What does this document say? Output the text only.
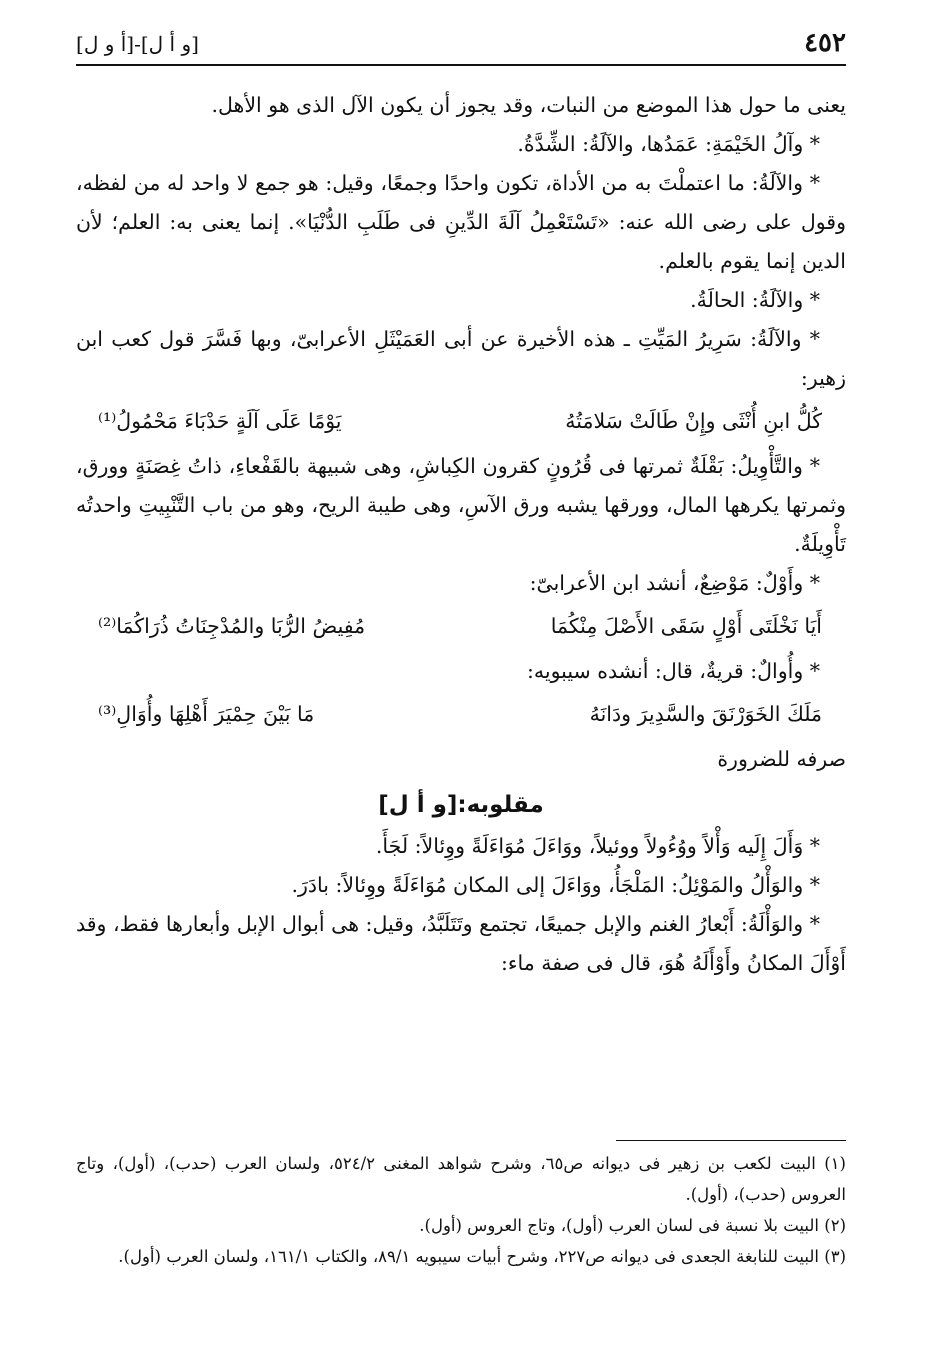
٤٥٢
[أ و ل]-[و أ ل]

يعنى ما حول هذا الموضع من النبات، وقد يجوز أن يكون الآل الذى هو الأهل.

* وآلُ الخَيْمَةِ: عَمَدُها، والآلَةُ: الشِّدَّةُ.

* والآلَةُ: ما اعتملْتَ به من الأداة، تكون واحدًا وجمعًا، وقيل: هو جمع لا واحد له من لفظه، وقول على رضى الله عنه: «تَسْتَعْمِلُ آلَةَ الدِّينِ فى طَلَبِ الدُّنْيَا». إنما يعنى به: العلم؛ لأن الدين إنما يقوم بالعلم.

* والآلَةُ: الحالَةُ.

* والآلَةُ: سَرِيرُ المَيِّتِ ـ هذه الأخيرة عن أبى العَمَيْثَلِ الأعرابىّ، وبها فَسَّرَ قول كعب ابن زهير:

كُلُّ ابنِ أُنْثَى وإِنْ طَالَتْ سَلامَتُهُ
يَوْمًا عَلَى آلَةٍ حَدْبَاءَ مَحْمُولُ⁽¹⁾

* والتَّأْوِيلُ: بَقْلَةٌ ثمرتها فى قُرُونٍ كقرون الكِباشِ، وهى شبيهة بالقَفْعاءِ، ذاتُ غِصَنَةٍ وورق، وثمرتها يكرهها المال، وورقها يشبه ورق الآسِ، وهى طيبة الريح، وهو من باب التَّنْبِيتِ واحدتُه تَأْوِيلَةٌ.

* وأَوْلٌ: مَوْضِعٌ، أنشد ابن الأعرابىّ:

أَيَا نَخْلَتَى أَوْلٍ سَقَى الأَصْلَ مِنْكُمَا
مُفِيضُ الرُّبَا والمُدْجِنَاتُ ذُرَاكُمَا⁽²⁾

* وأُوالٌ: قريةٌ، قال: أنشده سيبويه:

مَلَكَ الخَوَرْنَقَ والسَّدِيرَ ودَانَهُ
مَا بَيْنَ حِمْيَرَ أَهْلِهَا وأُوَالِ⁽³⁾

صرفه للضرورة

مقلوبه:[و أ ل]

* وَأَلَ إِلَيه وَأْلاً ووُءُولاً ووئيلاً، ووَاءَلَ مُوَاءَلَةً ووِئالاً: لَجَأَ.

* والوَأْلُ والمَوْئِلُ: المَلْجَأُ، ووَاءَلَ إلى المكان مُوَاءَلَةً ووِئالاً: بادَرَ.

* والوَأْلَةُ: أَبْعارُ الغنم والإبل جميعًا، تجتمع وتَتَلَبَّدُ، وقيل: هى أبوال الإبل وأبعارها فقط، وقد أَوْأَلَ المكانُ وأَوْأَلَهُ هُوَ، قال فى صفة ماء:

(١) البيت لكعب بن زهير فى ديوانه ص٦٥، وشرح شواهد المغنى ٥٢٤/٢، ولسان العرب (حدب)، (أول)، وتاج العروس (حدب)، (أول).

(٢) البيت بلا نسبة فى لسان العرب (أول)، وتاج العروس (أول).

(٣) البيت للنابغة الجعدى فى ديوانه ص٢٢٧، وشرح أبيات سيبويه ٨٩/١، والكتاب ١٦١/١، ولسان العرب (أول).
